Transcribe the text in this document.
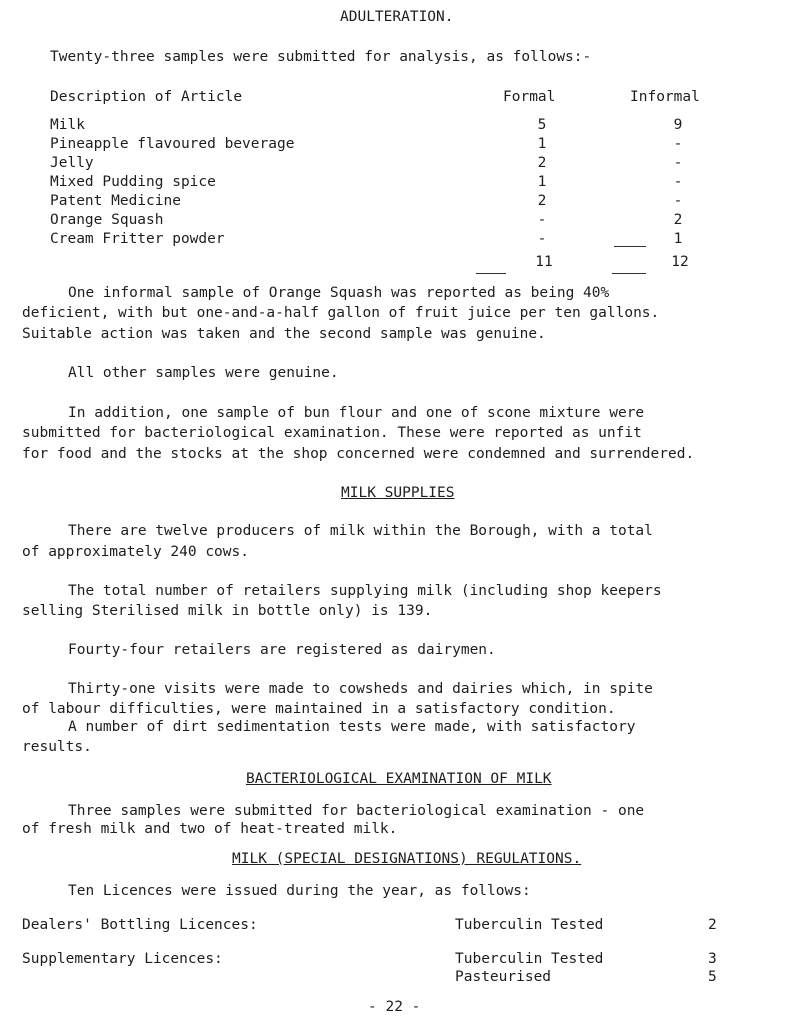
ADULTERATION.
Twenty-three samples were submitted for analysis, as follows:-
Description of Article	Formal	Informal
Milk	5	9
Pineapple flavoured beverage	1	-
Jelly	2	-
Mixed Pudding spice	1	-
Patent Medicine	2	-
Orange Squash	-	2
Cream Fritter powder	-	1
11	12
One informal sample of Orange Squash was reported as being 40%
deficient, with but one-and-a-half gallon of fruit juice per ten gallons.
Suitable action was taken and the second sample was genuine.
All other samples were genuine.
In addition, one sample of bun flour and one of scone mixture were
submitted for bacteriological examination. These were reported as unfit
for food and the stocks at the shop concerned were condemned and surrendered.
MILK SUPPLIES
There are twelve producers of milk within the Borough, with a total
of approximately 240 cows.
The total number of retailers supplying milk (including shop keepers
selling Sterilised milk in bottle only) is 139.
Fourty-four retailers are registered as dairymen.
Thirty-one visits were made to cowsheds and dairies which, in spite
of labour difficulties, were maintained in a satisfactory condition.
A number of dirt sedimentation tests were made, with satisfactory
results.
BACTERIOLOGICAL EXAMINATION OF MILK
Three samples were submitted for bacteriological examination - one
of fresh milk and two of heat-treated milk.
MILK (SPECIAL DESIGNATIONS) REGULATIONS.
Ten Licences were issued during the year, as follows:
Dealers' Bottling Licences:	Tuberculin Tested	2
Supplementary Licences:	Tuberculin Tested	3
Pasteurised	5
- 22 -
